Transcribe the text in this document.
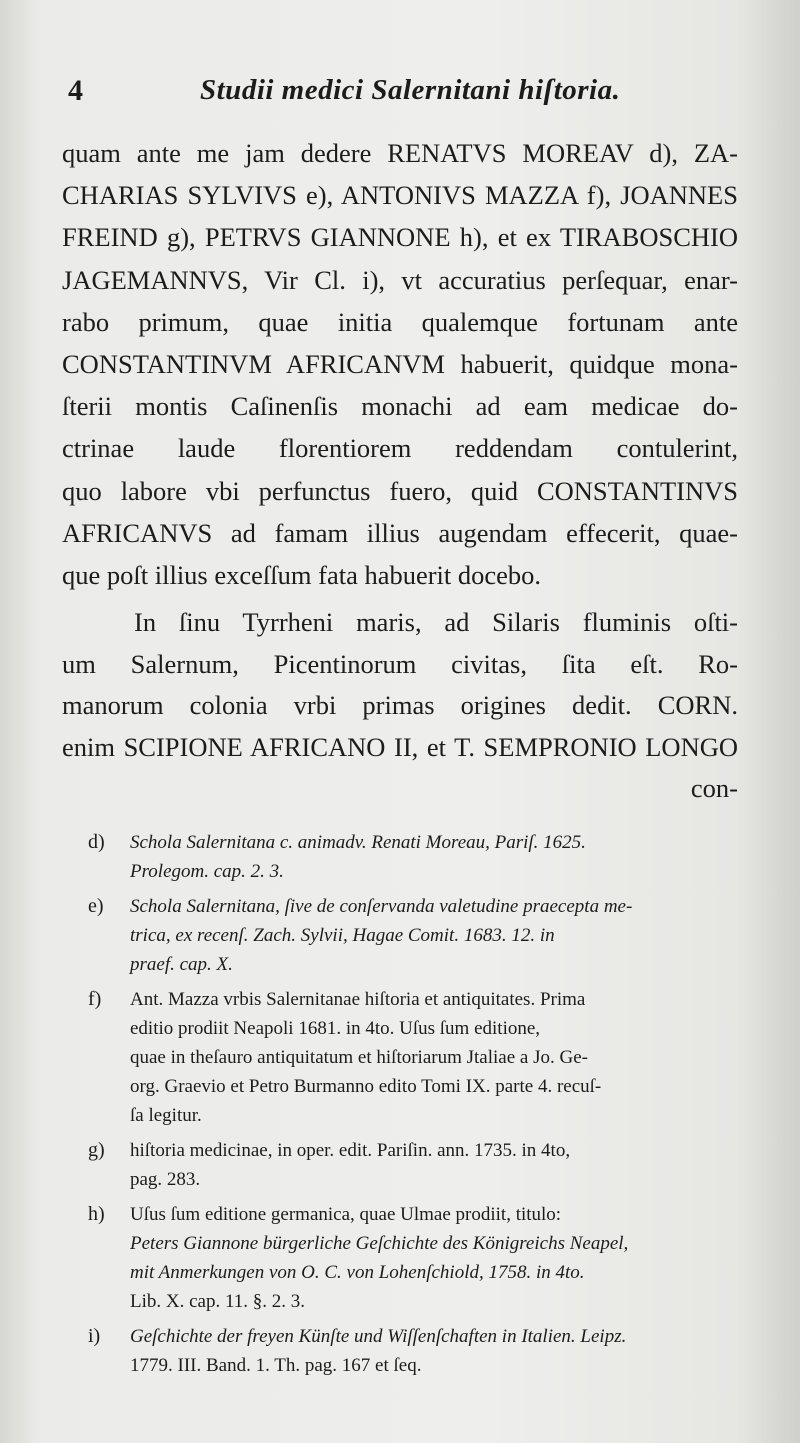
4	Studii medici Salernitani hiſtoria.
quam ante me jam dedere RENATVS MOREAV d), ZA-
CHARIAS SYLVIVS e), ANTONIVS MAZZA f), JOANNES
FREIND g), PETRVS GIANNONE h), et ex TIRABOSCHIO
JAGEMANNVS, Vir Cl. i), vt accuratius perſequar, enar-
rabo primum, quae initia qualemque fortunam ante
CONSTANTINVM AFRICANVM habuerit, quidque mona-
ſterii montis Caſinenſis monachi ad eam medicae do-
ctrinae laude florentiorem reddendam contulerint,
quo labore vbi perfunctus fuero, quid CONSTANTINVS
AFRICANVS ad famam illius augendam effecerit, quae-
que poſt illius exceſſum fata habuerit docebo.
In ſinu Tyrrheni maris, ad Silaris fluminis oſti-
um Salernum, Picentinorum civitas, ſita eſt. Ro-
manorum colonia vrbi primas origines dedit. CORN.
enim SCIPIONE AFRICANO II, et T. SEMPRONIO LONGO
con-
d) Schola Salernitana c. animadv. Renati Moreau, Pariſ. 1625.
Prolegom. cap. 2. 3.
e) Schola Salernitana, ſive de conſervanda valetudine praecepta me-
trica, ex recenſ. Zach. Sylvii, Hagae Comit. 1683. 12. in
praef. cap. X.
f) Ant. Mazza vrbis Salernitanae hiſtoria et antiquitates. Prima
editio prodiit Neapoli 1681. in 4to. Uſus ſum editione,
quae in theſauro antiquitatum et hiſtoriarum Jtaliae a Jo. Ge-
org. Graevio et Petro Burmanno edito Tomi IX. parte 4. recuſ-
ſa legitur.
g) hiſtoria medicinae, in oper. edit. Pariſin. ann. 1735. in 4to,
pag. 283.
h) Uſus ſum editione germanica, quae Ulmae prodiit, titulo:
Peters Giannone bürgerliche Geſchichte des Königreichs Neapel,
mit Anmerkungen von O. C. von Lohenſchiold, 1758. in 4to.
Lib. X. cap. 11. §. 2. 3.
i) Geſchichte der freyen Künſte und Wiſſenſchaften in Italien. Leipz.
1779. III. Band. 1. Th. pag. 167 et ſeq.
